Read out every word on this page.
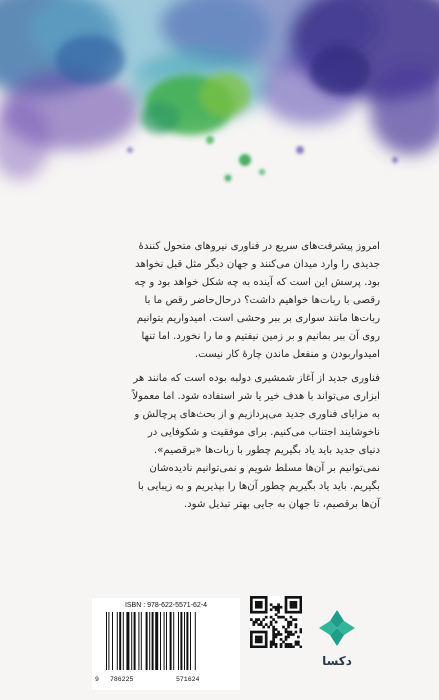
امروز پیشرفت‌های سریع در فناوری نیروهای متحول کننده‌ٔ
جدیدی را وارد میدان می‌کنند و جهان دیگر مثل قبل نخواهد
بود. پرسش این است که آینده به چه شکل خواهد بود و چه
رقصی با ربات‌ها خواهیم داشت؟ درحال‌حاضر رقص ما با
ربات‌ها مانند سواری بر ببر وحشی است. امیدواریم بتوانیم
روی آن ببر بمانیم و بر زمین نیفتیم و ما را نخورد. اما تنها
امیدواربودن و منفعل ماندن چارهٔ کار نیست.
فناوری جدید از آغاز شمشیری دولبه بوده است که مانند هر
ابزاری می‌تواند با هدف خیر یا شر استفاده شود. اما معمولاً
به مزایای فناوری جدید می‌پردازیم و از بحث‌های پرچالش و
ناخوشایند اجتناب می‌کنیم. برای موفقیت و شکوفایی در
دنیای جدید باید یاد بگیریم چطور با ربات‌ها «برقصیم».
نمی‌توانیم بر آن‌ها مسلط شویم و نمی‌توانیم نادیده‌شان
بگیریم. باید یاد بگیریم چطور آن‌ها را بپذیریم و به زیبایی با
آن‌ها برقصیم، تا جهان به جایی بهتر تبدیل شود.
ISBN : 978-622-5571-62-4
9 786225	571624
دکسا
